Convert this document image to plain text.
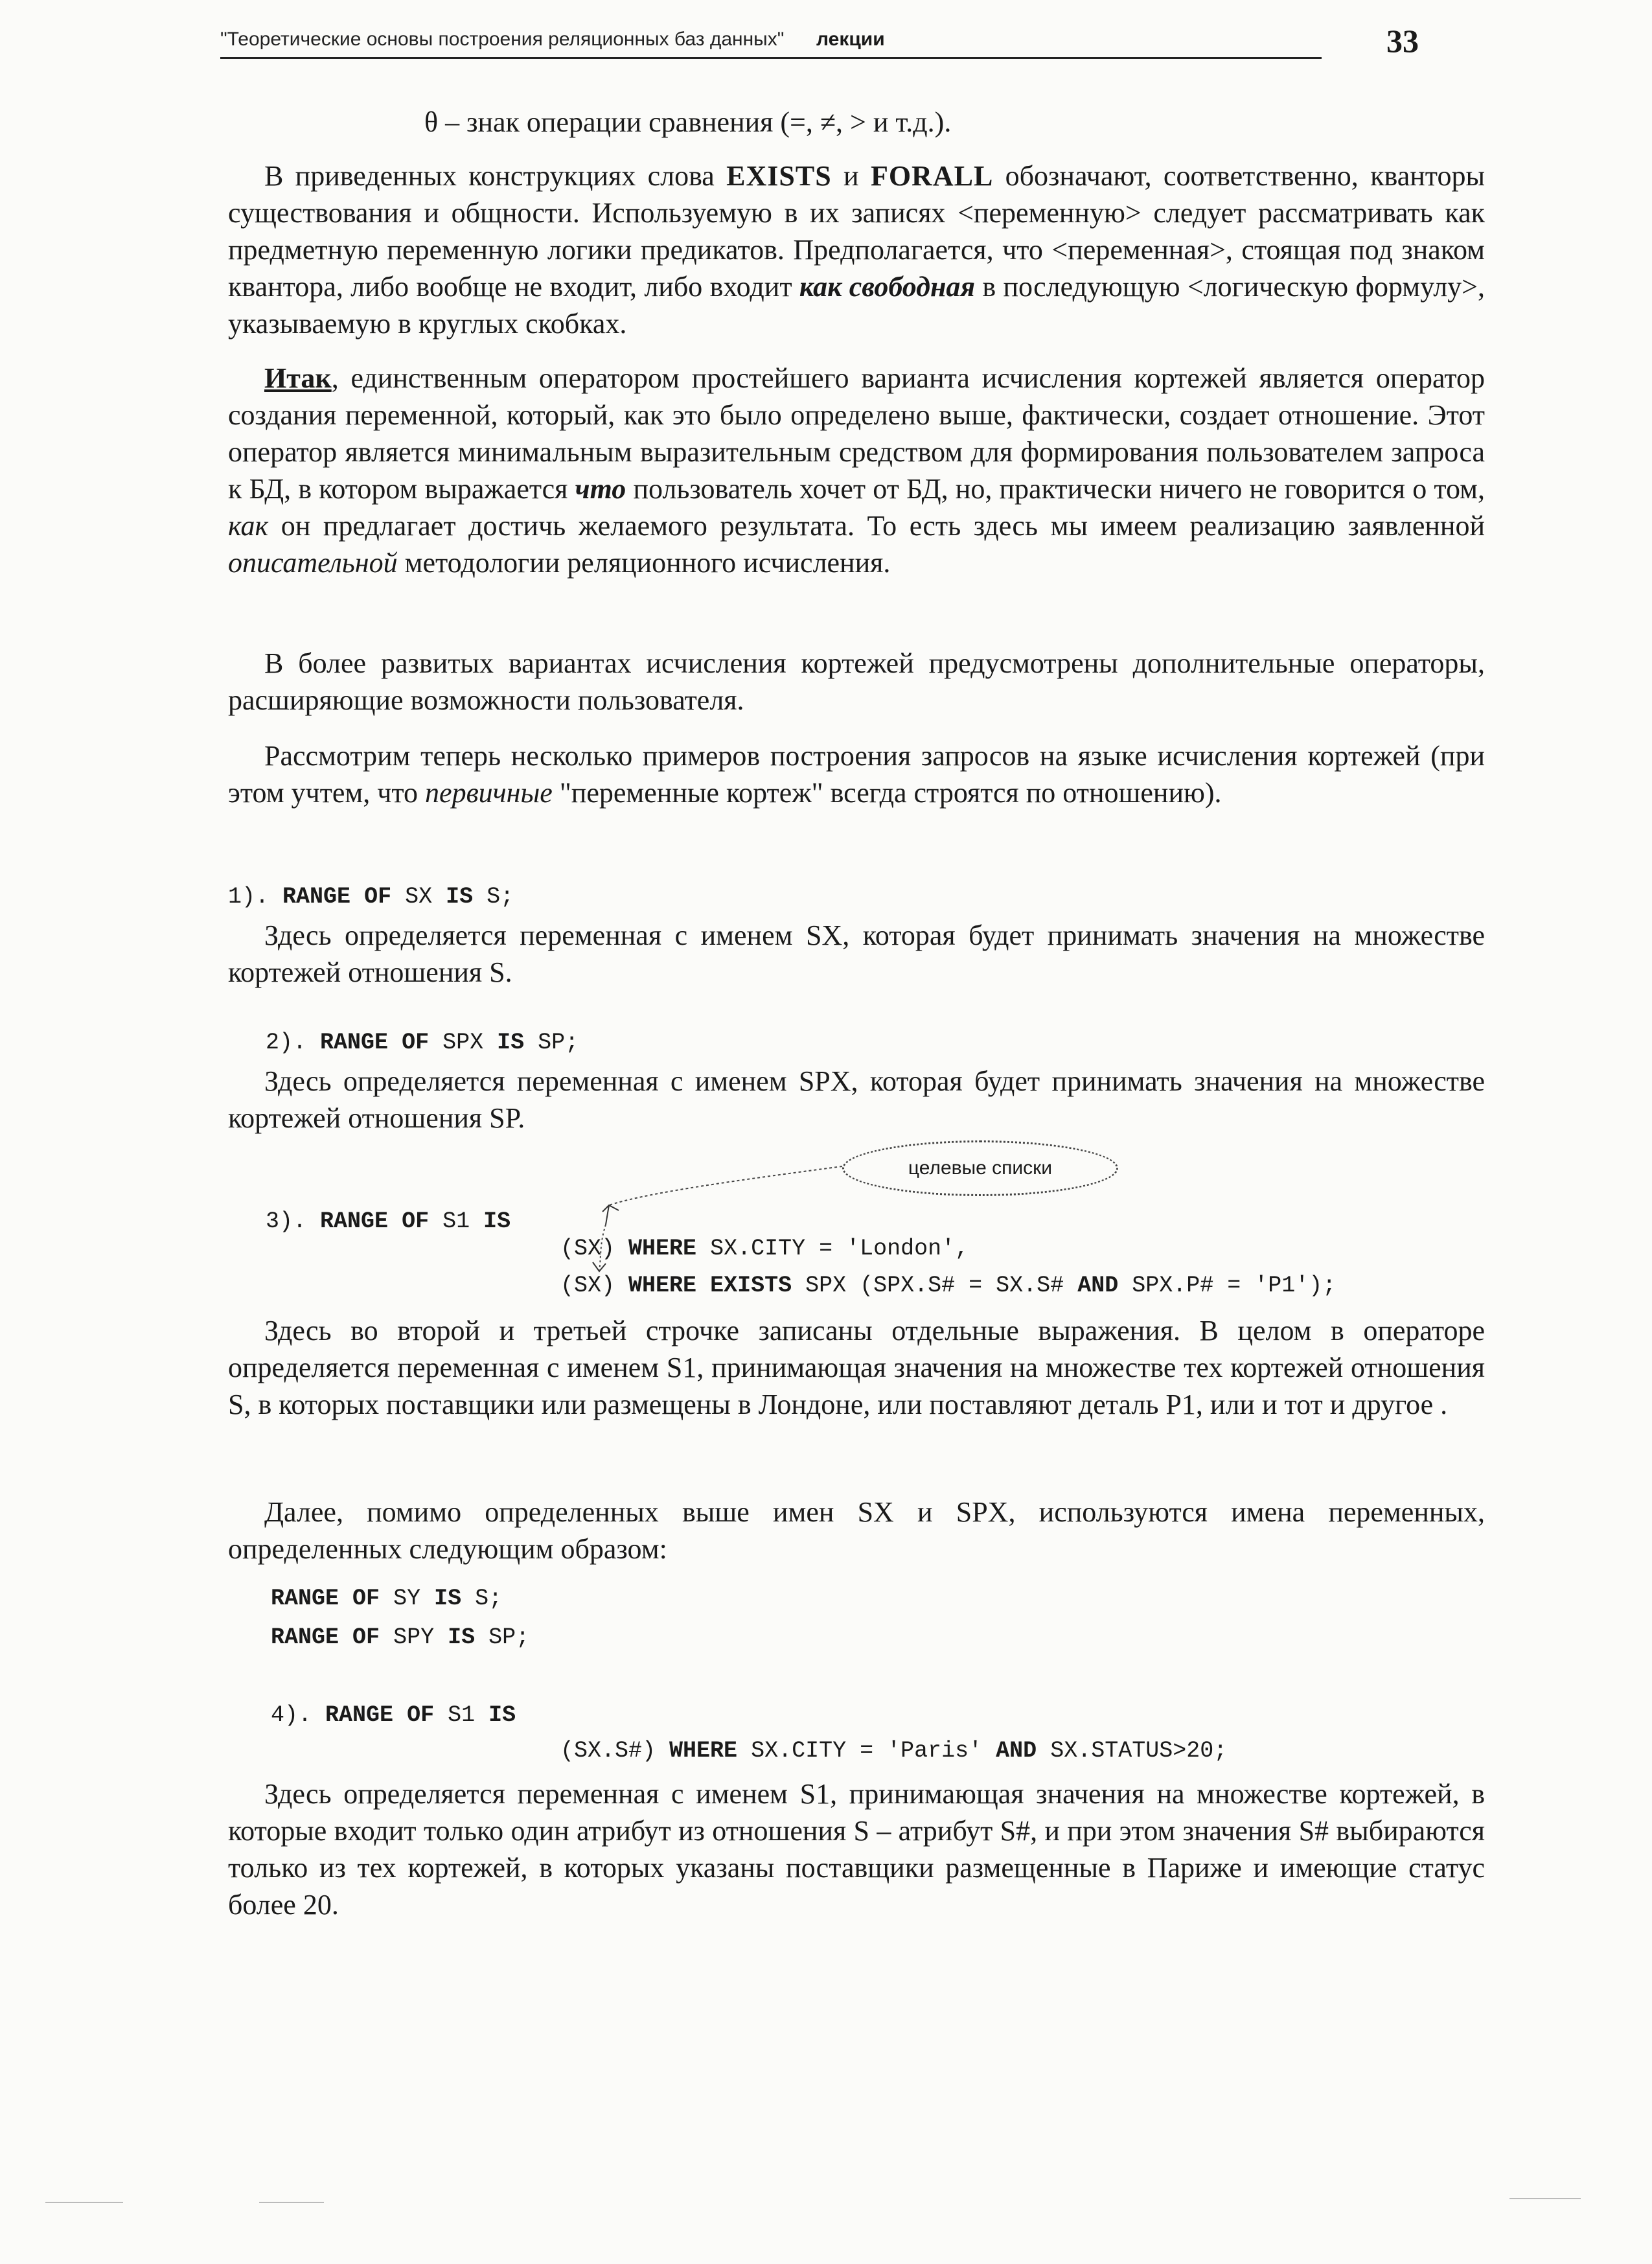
"Теоретические основы построения реляционных баз данных" лекции	33
θ – знак операции сравнения (=, ≠, > и т.д.).
В приведенных конструкциях слова EXISTS и FORALL обозначают, соответственно, кванторы существования и общности. Используемую в их записях <переменную> следует рассматривать как предметную переменную логики предикатов. Предполагается, что <переменная>, стоящая под знаком квантора, либо вообще не входит, либо входит как свободная в последующую <логическую формулу>, указываемую в круглых скобках.
Итак, единственным оператором простейшего варианта исчисления кортежей является оператор создания переменной, который, как это было определено выше, фактически, создает отношение. Этот оператор является минимальным выразительным средством для формирования пользователем запроса к БД, в котором выражается что пользователь хочет от БД, но, практически ничего не говорится о том, как он предлагает достичь желаемого результата. То есть здесь мы имеем реализацию заявленной описательной методологии реляционного исчисления.
В более развитых вариантах исчисления кортежей предусмотрены дополнительные операторы, расширяющие возможности пользователя.
Рассмотрим теперь несколько примеров построения запросов на языке исчисления кортежей (при этом учтем, что первичные "переменные кортеж" всегда строятся по отношению).
1). RANGE OF SX IS S;
Здесь определяется переменная с именем SX, которая будет принимать значения на множестве кортежей отношения S.
2). RANGE OF SPX IS SP;
Здесь определяется переменная с именем SPX, которая будет принимать значения на множестве кортежей отношения SP.
целевые списки
3). RANGE OF S1 IS
(SX) WHERE SX.CITY = 'London',
(SX) WHERE EXISTS SPX (SPX.S# = SX.S# AND SPX.P# = 'P1');
Здесь во второй и третьей строчке записаны отдельные выражения. В целом в операторе определяется переменная с именем S1, принимающая значения на множестве тех кортежей отношения S, в которых поставщики или размещены в Лондоне, или поставляют деталь P1, или и тот и другое .
Далее, помимо определенных выше имен SX и SPX, используются имена переменных, определенных следующим образом:
RANGE OF SY IS S;
RANGE OF SPY IS SP;
4). RANGE OF S1 IS
(SX.S#) WHERE SX.CITY = 'Paris' AND SX.STATUS>20;
Здесь определяется переменная с именем S1, принимающая значения на множестве кортежей, в которые входит только один атрибут из отношения S – атрибут S#, и при этом значения S# выбираются только из тех кортежей, в которых указаны поставщики размещенные в Париже и имеющие статус более 20.
